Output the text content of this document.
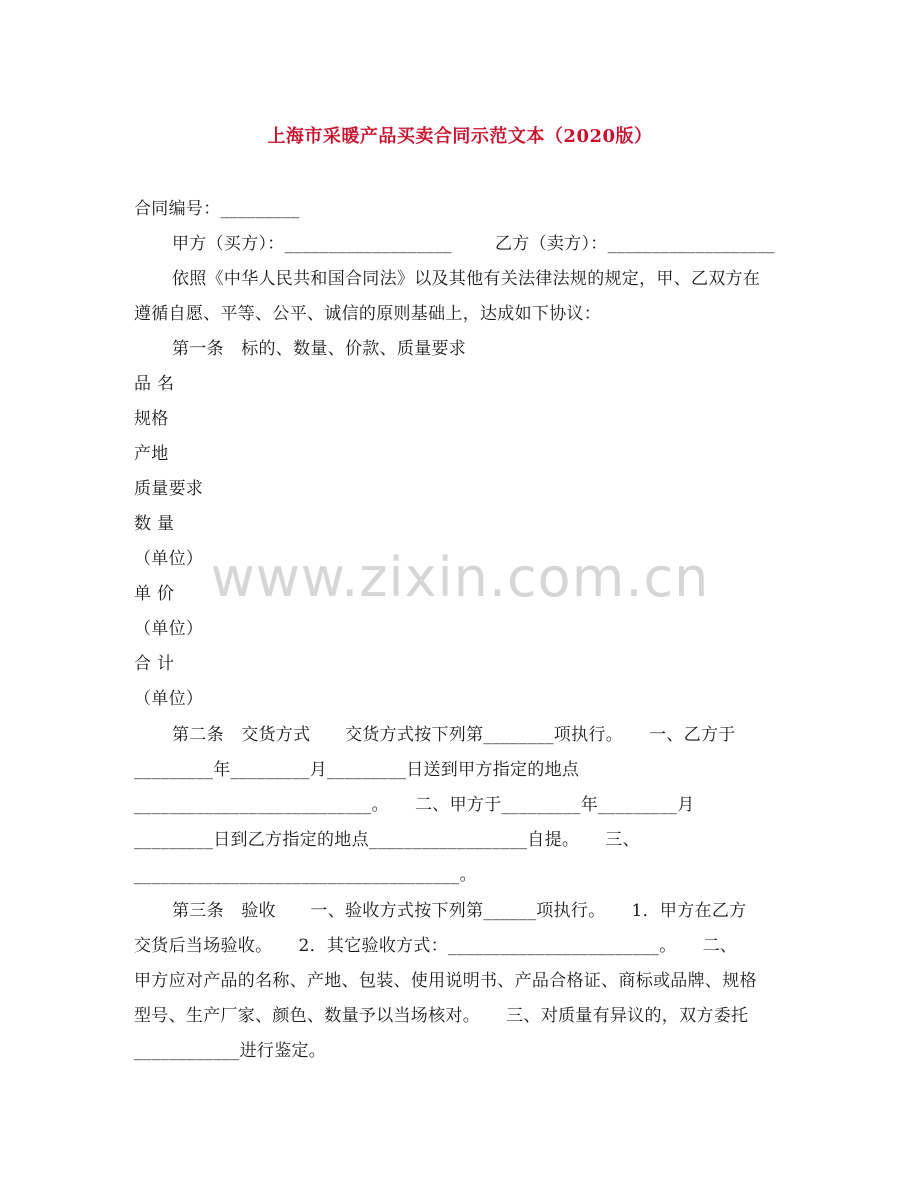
上海市采暖产品买卖合同示范文本（2020版）
合同编号：_________
甲方（买方）：___________________	乙方（卖方）：___________________
依照《中华人民共和国合同法》以及其他有关法律法规的规定，甲、乙双方在
遵循自愿、平等、公平、诚信的原则基础上，达成如下协议：
第一条　标的、数量、价款、质量要求
品 名
规格
产地
质量要求
数 量
（单位）
单 价
（单位）
合 计
（单位）
第二条　交货方式　　交货方式按下列第________项执行。　　一、乙方于
_________年_________月_________日送到甲方指定的地点
___________________________。　　二、甲方于_________年_________月
_________日到乙方指定的地点__________________自提。　　三、
_____________________________________。
第三条　验收　　一、验收方式按下列第______项执行。　　1．甲方在乙方
交货后当场验收。　　2．其它验收方式：________________________。　　二、
甲方应对产品的名称、产地、包装、使用说明书、产品合格证、商标或品牌、规格
型号、生产厂家、颜色、数量予以当场核对。　　三、对质量有异议的，双方委托
____________进行鉴定。
www.zixin.com.cn
